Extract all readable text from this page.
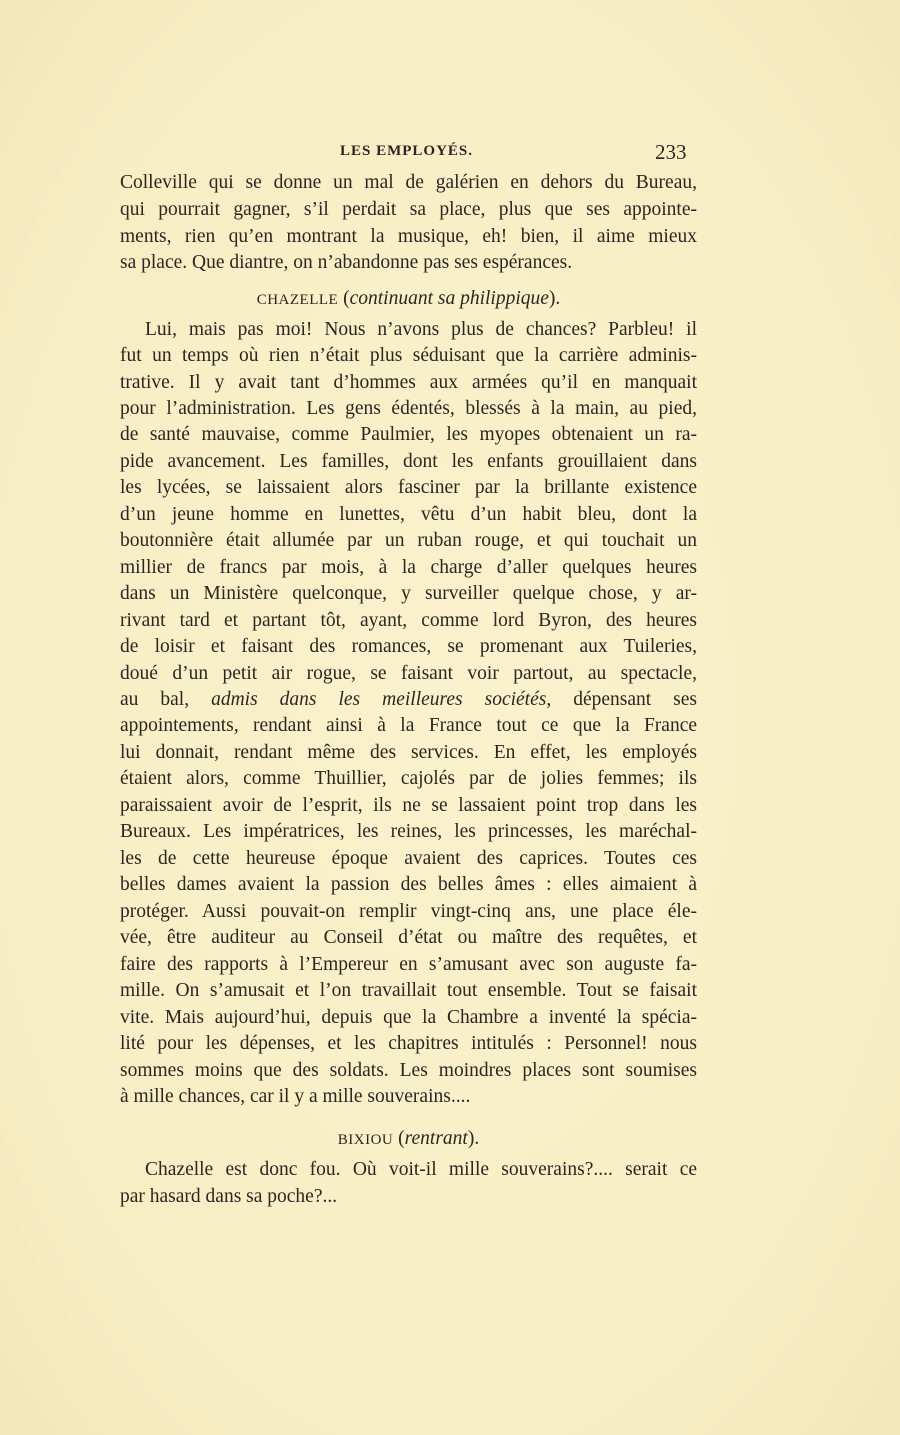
LES EMPLOYÉS.	233
Colleville qui se donne un mal de galérien en dehors du Bureau,
qui pourrait gagner, s’il perdait sa place, plus que ses appointe-
ments, rien qu’en montrant la musique, eh! bien, il aime mieux
sa place. Que diantre, on n’abandonne pas ses espérances.
CHAZELLE (continuant sa philippique).
Lui, mais pas moi! Nous n’avons plus de chances? Parbleu! il
fut un temps où rien n’était plus séduisant que la carrière adminis-
trative. Il y avait tant d’hommes aux armées qu’il en manquait
pour l’administration. Les gens édentés, blessés à la main, au pied,
de santé mauvaise, comme Paulmier, les myopes obtenaient un ra-
pide avancement. Les familles, dont les enfants grouillaient dans
les lycées, se laissaient alors fasciner par la brillante existence
d’un jeune homme en lunettes, vêtu d’un habit bleu, dont la
boutonnière était allumée par un ruban rouge, et qui touchait un
millier de francs par mois, à la charge d’aller quelques heures
dans un Ministère quelconque, y surveiller quelque chose, y ar-
rivant tard et partant tôt, ayant, comme lord Byron, des heures
de loisir et faisant des romances, se promenant aux Tuileries,
doué d’un petit air rogue, se faisant voir partout, au spectacle,
au bal, admis dans les meilleures sociétés, dépensant ses
appointements, rendant ainsi à la France tout ce que la France
lui donnait, rendant même des services. En effet, les employés
étaient alors, comme Thuillier, cajolés par de jolies femmes; ils
paraissaient avoir de l’esprit, ils ne se lassaient point trop dans les
Bureaux. Les impératrices, les reines, les princesses, les maréchal-
les de cette heureuse époque avaient des caprices. Toutes ces
belles dames avaient la passion des belles âmes : elles aimaient à
protéger. Aussi pouvait-on remplir vingt-cinq ans, une place éle-
vée, être auditeur au Conseil d’état ou maître des requêtes, et
faire des rapports à l’Empereur en s’amusant avec son auguste fa-
mille. On s’amusait et l’on travaillait tout ensemble. Tout se faisait
vite. Mais aujourd’hui, depuis que la Chambre a inventé la spécia-
lité pour les dépenses, et les chapitres intitulés : Personnel! nous
sommes moins que des soldats. Les moindres places sont soumises
à mille chances, car il y a mille souverains....
BIXIOU (rentrant).
Chazelle est donc fou. Où voit-il mille souverains?.... serait ce
par hasard dans sa poche?...
